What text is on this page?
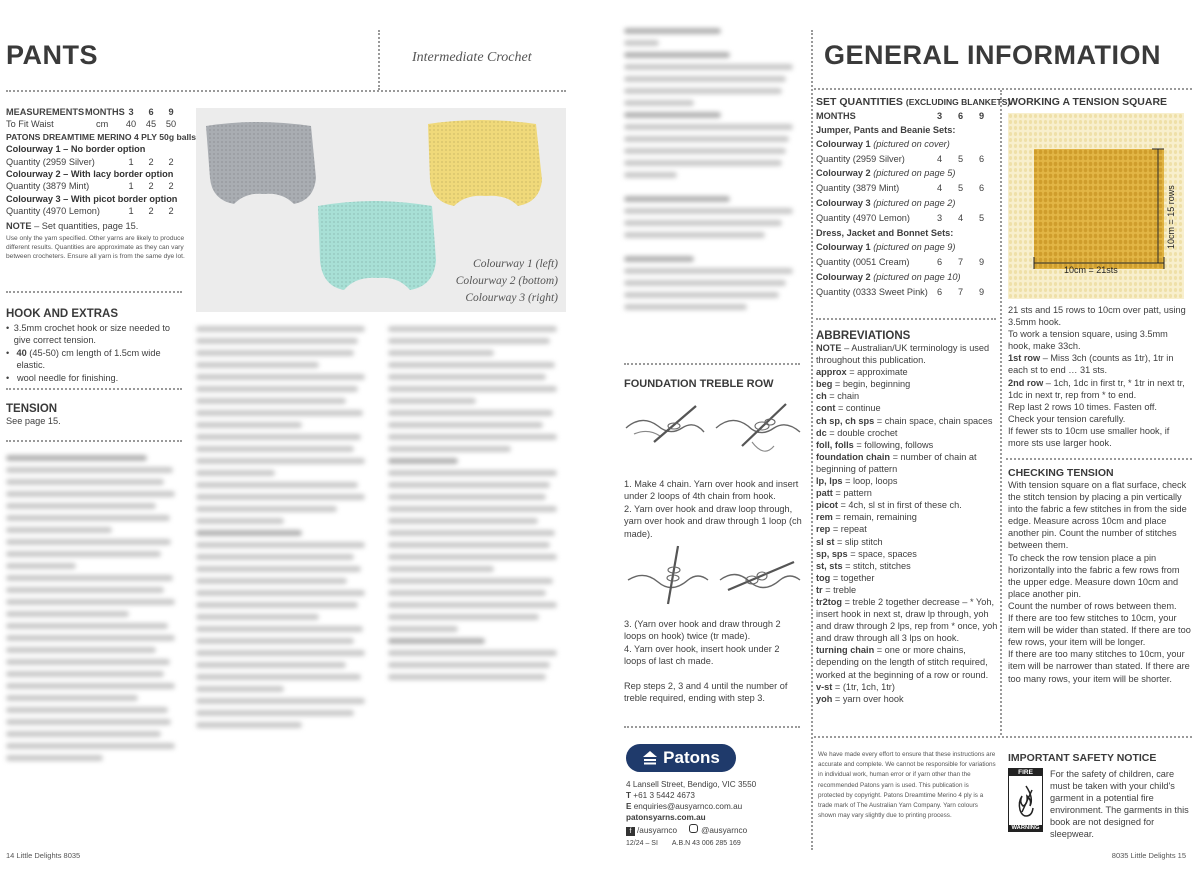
PANTS	Intermediate Crochet
MEASUREMENTS MONTHS 3	6	9
To Fit Waist	cm	40	45	50
PATONS DREAMTIME MERINO 4 PLY 50g balls
Colourway 1 – No border option
Quantity (2959 Silver)	1	2	2
Colourway 2 – With lacy border option
Quantity (3879 Mint)	1	2	2
Colourway 3 – With picot border option
Quantity (4970 Lemon)	1	2	2
NOTE – Set quantities, page 15.
Use only the yarn specified. Other yarns are likely to produce different results. Quantities are approximate as they can vary between crocheters. Ensure all yarn is from the same dye lot.
HOOK AND EXTRAS
• 3.5mm crochet hook or size needed to give correct tension.
• 40 (45-50) cm length of 1.5cm wide elastic.
• wool needle for finishing.
TENSION
See page 15.
Colourway 1 (left)
Colourway 2 (bottom)
Colourway 3 (right)
14 Little Delights 8035
FOUNDATION TREBLE ROW
1. Make 4 chain. Yarn over hook and insert under 2 loops of 4th chain from hook.
2. Yarn over hook and draw loop through, yarn over hook and draw through 1 loop (ch made).
3. (Yarn over hook and draw through 2 loops on hook) twice (tr made).
4. Yarn over hook, insert hook under 2 loops of last ch made.
Rep steps 2, 3 and 4 until the number of treble required, ending with step 3.
Patons
4 Lansell Street, Bendigo, VIC 3550
T +61 3 5442 4673
E enquiries@ausyarnco.com.au
patonsyarns.com.au
f /ausyarnco	@ausyarnco
12/24 – SI A.B.N 43 006 285 169
GENERAL INFORMATION
SET QUANTITIES (EXCLUDING BLANKETS)
MONTHS	3	6	9
Jumper, Pants and Beanie Sets:
Colourway 1 (pictured on cover)
Quantity (2959 Silver)	4	5	6
Colourway 2 (pictured on page 5)
Quantity (3879 Mint)	4	5	6
Colourway 3 (pictured on page 2)
Quantity (4970 Lemon)	3	4	5
Dress, Jacket and Bonnet Sets:
Colourway 1 (pictured on page 9)
Quantity (0051 Cream)	6	7	9
Colourway 2 (pictured on page 10)
Quantity (0333 Sweet Pink) 6	7	9
ABBREVIATIONS
NOTE – Australian/UK terminology is used throughout this publication.
approx = approximate
beg = begin, beginning
ch = chain
cont = continue
ch sp, ch sps = chain space, chain spaces
dc = double crochet
foll, folls = following, follows
foundation chain = number of chain at beginning of pattern
lp, lps = loop, loops
patt = pattern
picot = 4ch, sl st in first of these ch.
rem = remain, remaining
rep = repeat
sl st = slip stitch
sp, sps = space, spaces
st, sts = stitch, stitches
tog = together
tr = treble
tr2tog = treble 2 together decrease – * Yoh, insert hook in next st, draw lp through, yoh and draw through 2 lps, rep from * once, yoh and draw through all 3 lps on hook.
turning chain = one or more chains, depending on the length of stitch required, worked at the beginning of a row or round.
v-st = (1tr, 1ch, 1tr)
yoh = yarn over hook
WORKING A TENSION SQUARE
10cm = 21sts
10cm = 15 rows
21 sts and 15 rows to 10cm over patt, using 3.5mm hook.
To work a tension square, using 3.5mm hook, make 33ch.
1st row – Miss 3ch (counts as 1tr), 1tr in each st to end … 31 sts.
2nd row – 1ch, 1dc in first tr, * 1tr in next tr, 1dc in next tr, rep from * to end.
Rep last 2 rows 10 times. Fasten off.
Check your tension carefully.
If fewer sts to 10cm use smaller hook, if more sts use larger hook.
CHECKING TENSION
With tension square on a flat surface, check the stitch tension by placing a pin vertically into the fabric a few stitches in from the side edge. Measure across 10cm and place another pin. Count the number of stitches between them.
To check the row tension place a pin horizontally into the fabric a few rows from the upper edge. Measure down 10cm and place another pin.
Count the number of rows between them.
If there are too few stitches to 10cm, your item will be wider than stated. If there are too few rows, your item will be longer.
If there are too many stitches to 10cm, your item will be narrower than stated. If there are too many rows, your item will be shorter.
We have made every effort to ensure that these instructions are accurate and complete. We cannot be responsible for variations in individual work, human error or if yarn other than the recommended Patons yarn is used. This publication is protected by copyright. Patons Dreamtime Merino 4 ply is a trade mark of The Australian Yarn Company. Yarn colours shown may vary slightly due to printing process.
IMPORTANT SAFETY NOTICE
FIRE
WARNING
For the safety of children, care must be taken with your child's garment in a potential fire environment. The garments in this book are not designed for sleepwear.
8035 Little Delights 15
